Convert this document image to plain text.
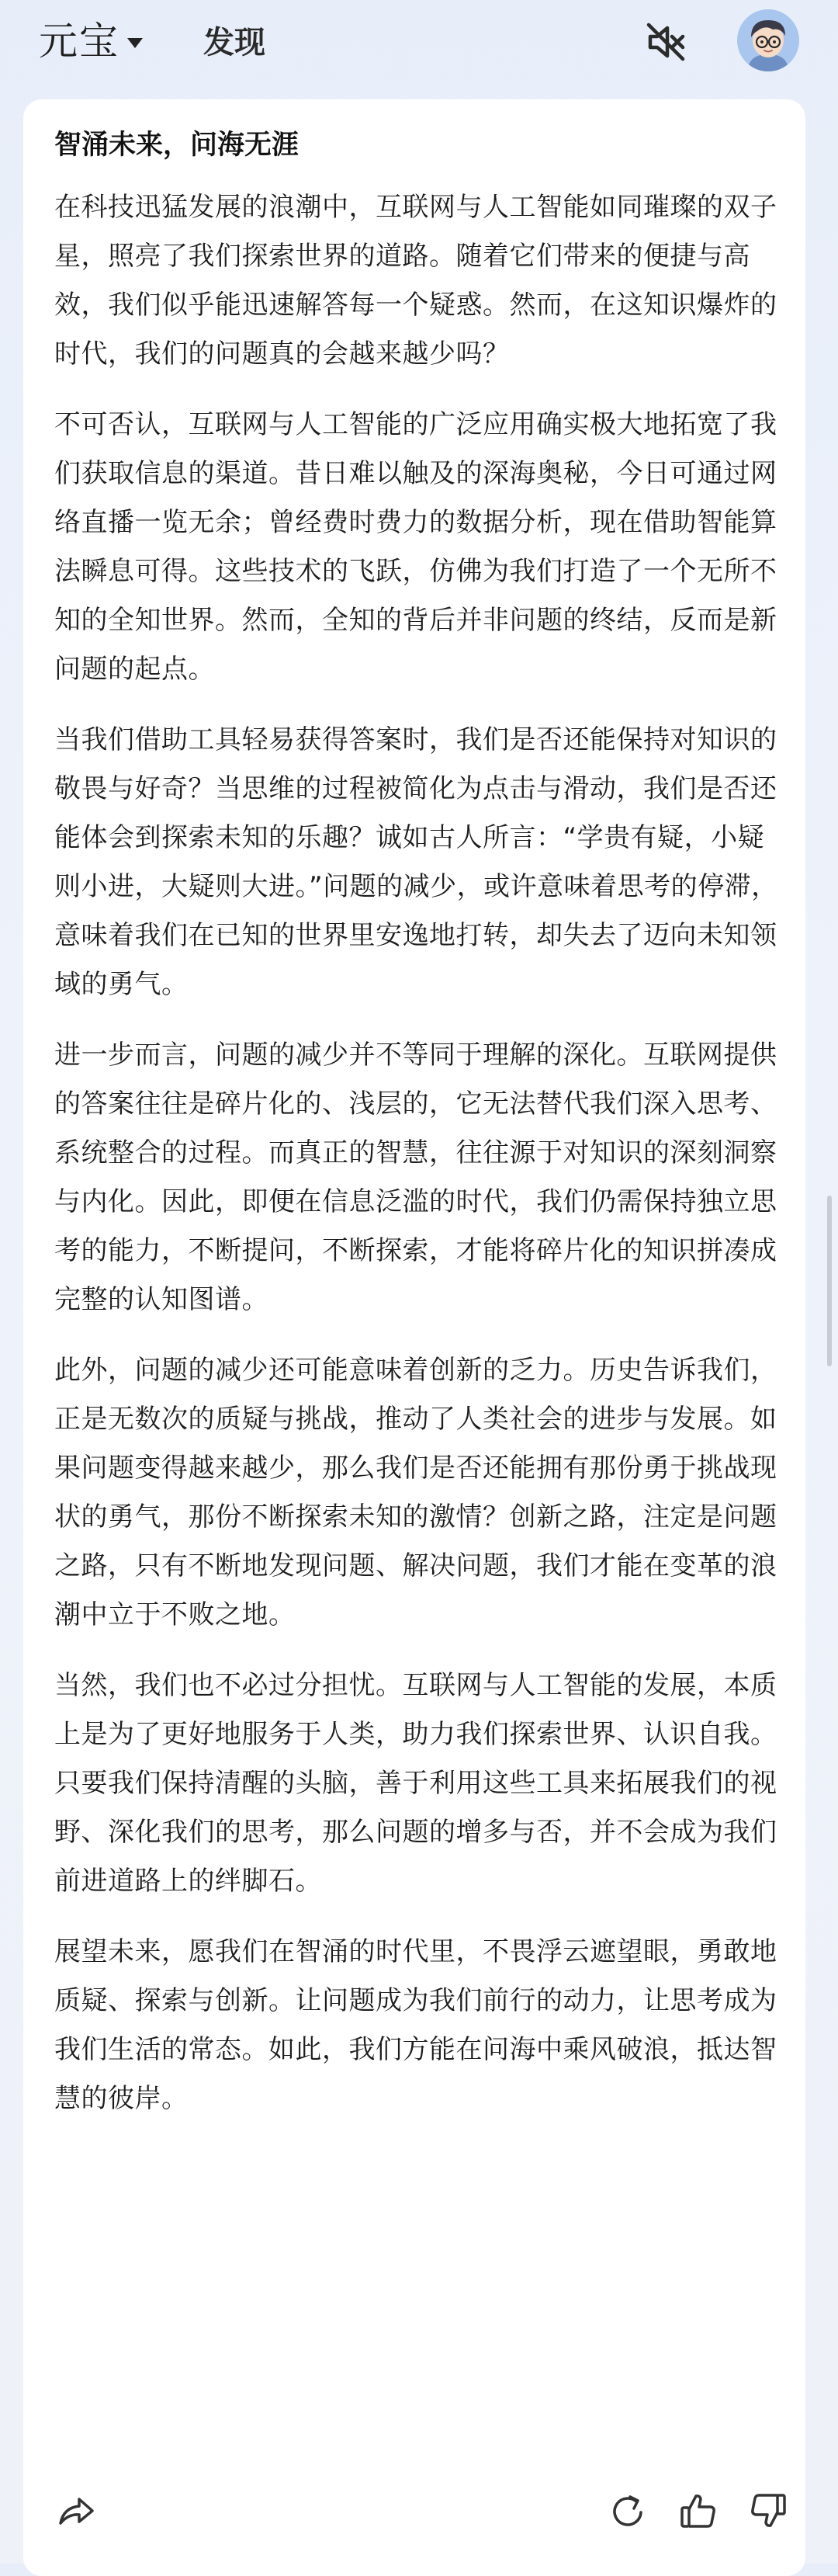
元宝	发现
智涌未来，问海无涯

在科技迅猛发展的浪潮中，互联网与人工智能如同璀璨的双子星，照亮了我们探索世界的道路。随着它们带来的便捷与高效，我们似乎能迅速解答每一个疑惑。然而，在这知识爆炸的时代，我们的问题真的会越来越少吗？

不可否认，互联网与人工智能的广泛应用确实极大地拓宽了我们获取信息的渠道。昔日难以触及的深海奥秘，今日可通过网络直播一览无余；曾经费时费力的数据分析，现在借助智能算法瞬息可得。这些技术的飞跃，仿佛为我们打造了一个无所不知的全知世界。然而，全知的背后并非问题的终结，反而是新问题的起点。

当我们借助工具轻易获得答案时，我们是否还能保持对知识的敬畏与好奇？当思维的过程被简化为点击与滑动，我们是否还能体会到探索未知的乐趣？诚如古人所言：“学贵有疑，小疑则小进，大疑则大进。”问题的减少，或许意味着思考的停滞，意味着我们在已知的世界里安逸地打转，却失去了迈向未知领域的勇气。

进一步而言，问题的减少并不等同于理解的深化。互联网提供的答案往往是碎片化的、浅层的，它无法替代我们深入思考、系统整合的过程。而真正的智慧，往往源于对知识的深刻洞察与内化。因此，即便在信息泛滥的时代，我们仍需保持独立思考的能力，不断提问，不断探索，才能将碎片化的知识拼凑成完整的认知图谱。

此外，问题的减少还可能意味着创新的乏力。历史告诉我们，正是无数次的质疑与挑战，推动了人类社会的进步与发展。如果问题变得越来越少，那么我们是否还能拥有那份勇于挑战现状的勇气，那份不断探索未知的激情？创新之路，注定是问题之路，只有不断地发现问题、解决问题，我们才能在变革的浪潮中立于不败之地。

当然，我们也不必过分担忧。互联网与人工智能的发展，本质上是为了更好地服务于人类，助力我们探索世界、认识自我。只要我们保持清醒的头脑，善于利用这些工具来拓展我们的视野、深化我们的思考，那么问题的增多与否，并不会成为我们前进道路上的绊脚石。

展望未来，愿我们在智涌的时代里，不畏浮云遮望眼，勇敢地质疑、探索与创新。让问题成为我们前行的动力，让思考成为我们生活的常态。如此，我们方能在问海中乘风破浪，抵达智慧的彼岸。
